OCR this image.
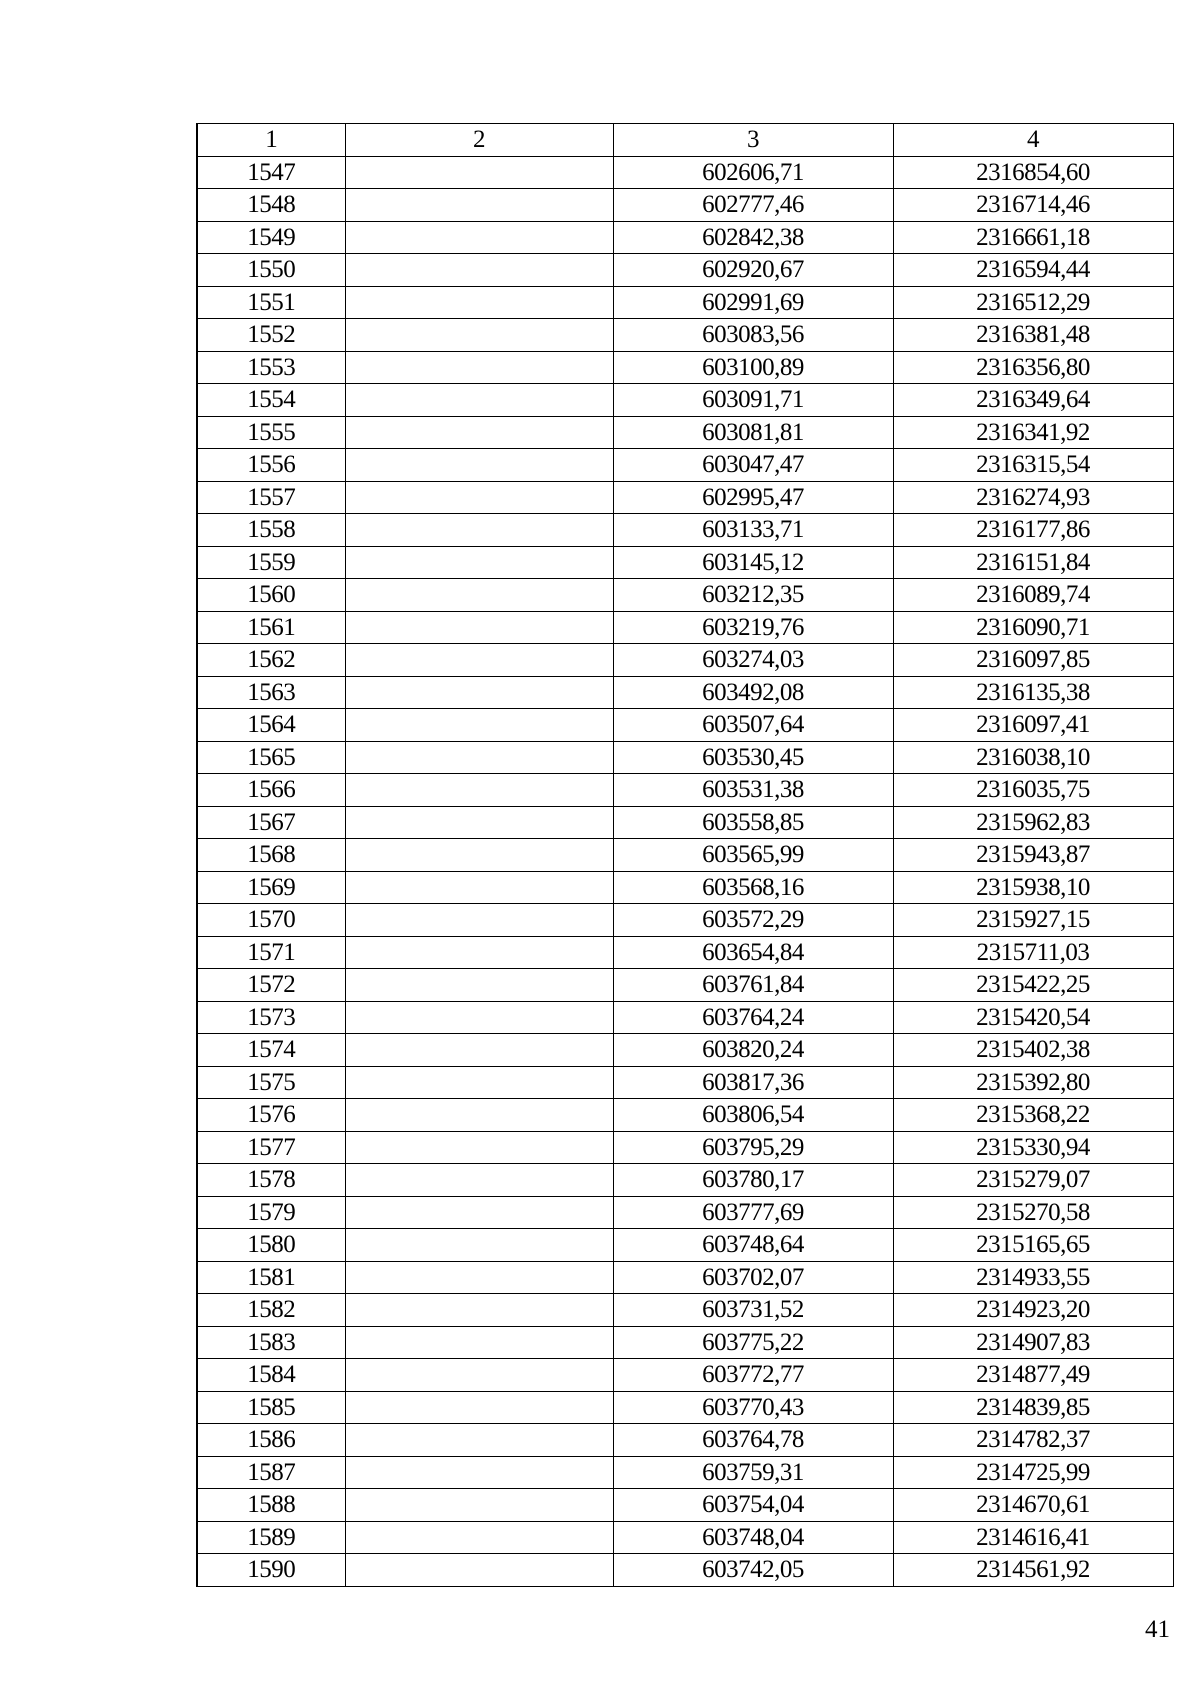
1	2	3	4
1547		602606,71	2316854,60
1548		602777,46	2316714,46
1549		602842,38	2316661,18
1550		602920,67	2316594,44
1551		602991,69	2316512,29
1552		603083,56	2316381,48
1553		603100,89	2316356,80
1554		603091,71	2316349,64
1555		603081,81	2316341,92
1556		603047,47	2316315,54
1557		602995,47	2316274,93
1558		603133,71	2316177,86
1559		603145,12	2316151,84
1560		603212,35	2316089,74
1561		603219,76	2316090,71
1562		603274,03	2316097,85
1563		603492,08	2316135,38
1564		603507,64	2316097,41
1565		603530,45	2316038,10
1566		603531,38	2316035,75
1567		603558,85	2315962,83
1568		603565,99	2315943,87
1569		603568,16	2315938,10
1570		603572,29	2315927,15
1571		603654,84	2315711,03
1572		603761,84	2315422,25
1573		603764,24	2315420,54
1574		603820,24	2315402,38
1575		603817,36	2315392,80
1576		603806,54	2315368,22
1577		603795,29	2315330,94
1578		603780,17	2315279,07
1579		603777,69	2315270,58
1580		603748,64	2315165,65
1581		603702,07	2314933,55
1582		603731,52	2314923,20
1583		603775,22	2314907,83
1584		603772,77	2314877,49
1585		603770,43	2314839,85
1586		603764,78	2314782,37
1587		603759,31	2314725,99
1588		603754,04	2314670,61
1589		603748,04	2314616,41
1590		603742,05	2314561,92
41
